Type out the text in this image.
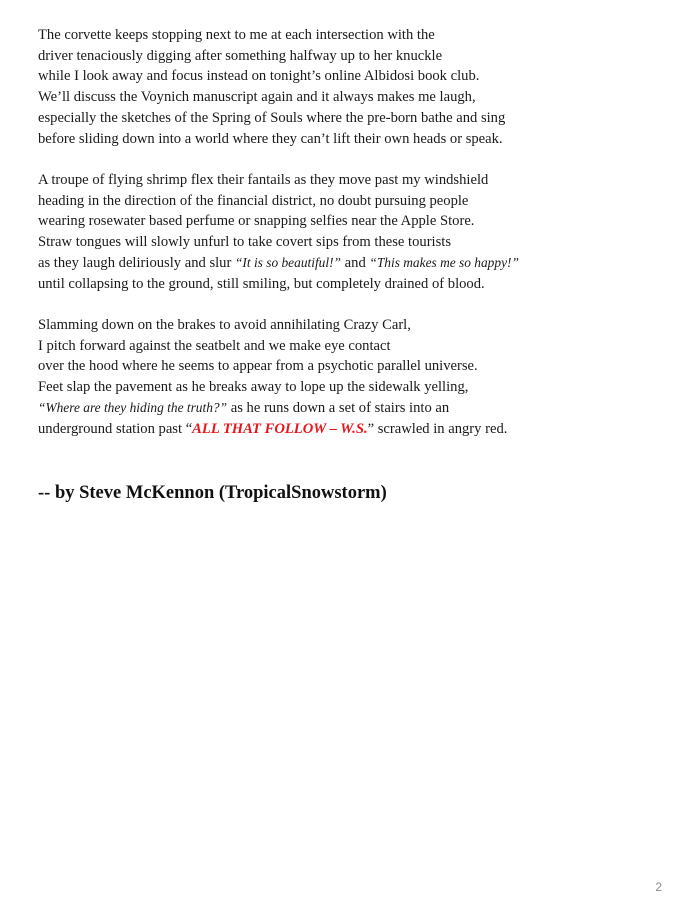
The corvette keeps stopping next to me at each intersection with the
driver tenaciously digging after something halfway up to her knuckle
while I look away and focus instead on tonight’s online Albidosi book club.
We’ll discuss the Voynich manuscript again and it always makes me laugh,
especially the sketches of the Spring of Souls where the pre-born bathe and sing
before sliding down into a world where they can’t lift their own heads or speak.
A troupe of flying shrimp flex their fantails as they move past my windshield
heading in the direction of the financial district, no doubt pursuing people
wearing rosewater based perfume or snapping selfies near the Apple Store.
Straw tongues will slowly unfurl to take covert sips from these tourists
as they laugh deliriously and slur “It is so beautiful!” and “This makes me so happy!”
until collapsing to the ground, still smiling, but completely drained of blood.
Slamming down on the brakes to avoid annihilating Crazy Carl,
I pitch forward against the seatbelt and we make eye contact
over the hood where he seems to appear from a psychotic parallel universe.
Feet slap the pavement as he breaks away to lope up the sidewalk yelling,
“Where are they hiding the truth?” as he runs down a set of stairs into an
underground station past “ALL THAT FOLLOW – W.S.” scrawled in angry red.
-- by Steve McKennon (TropicalSnowstorm)
2
